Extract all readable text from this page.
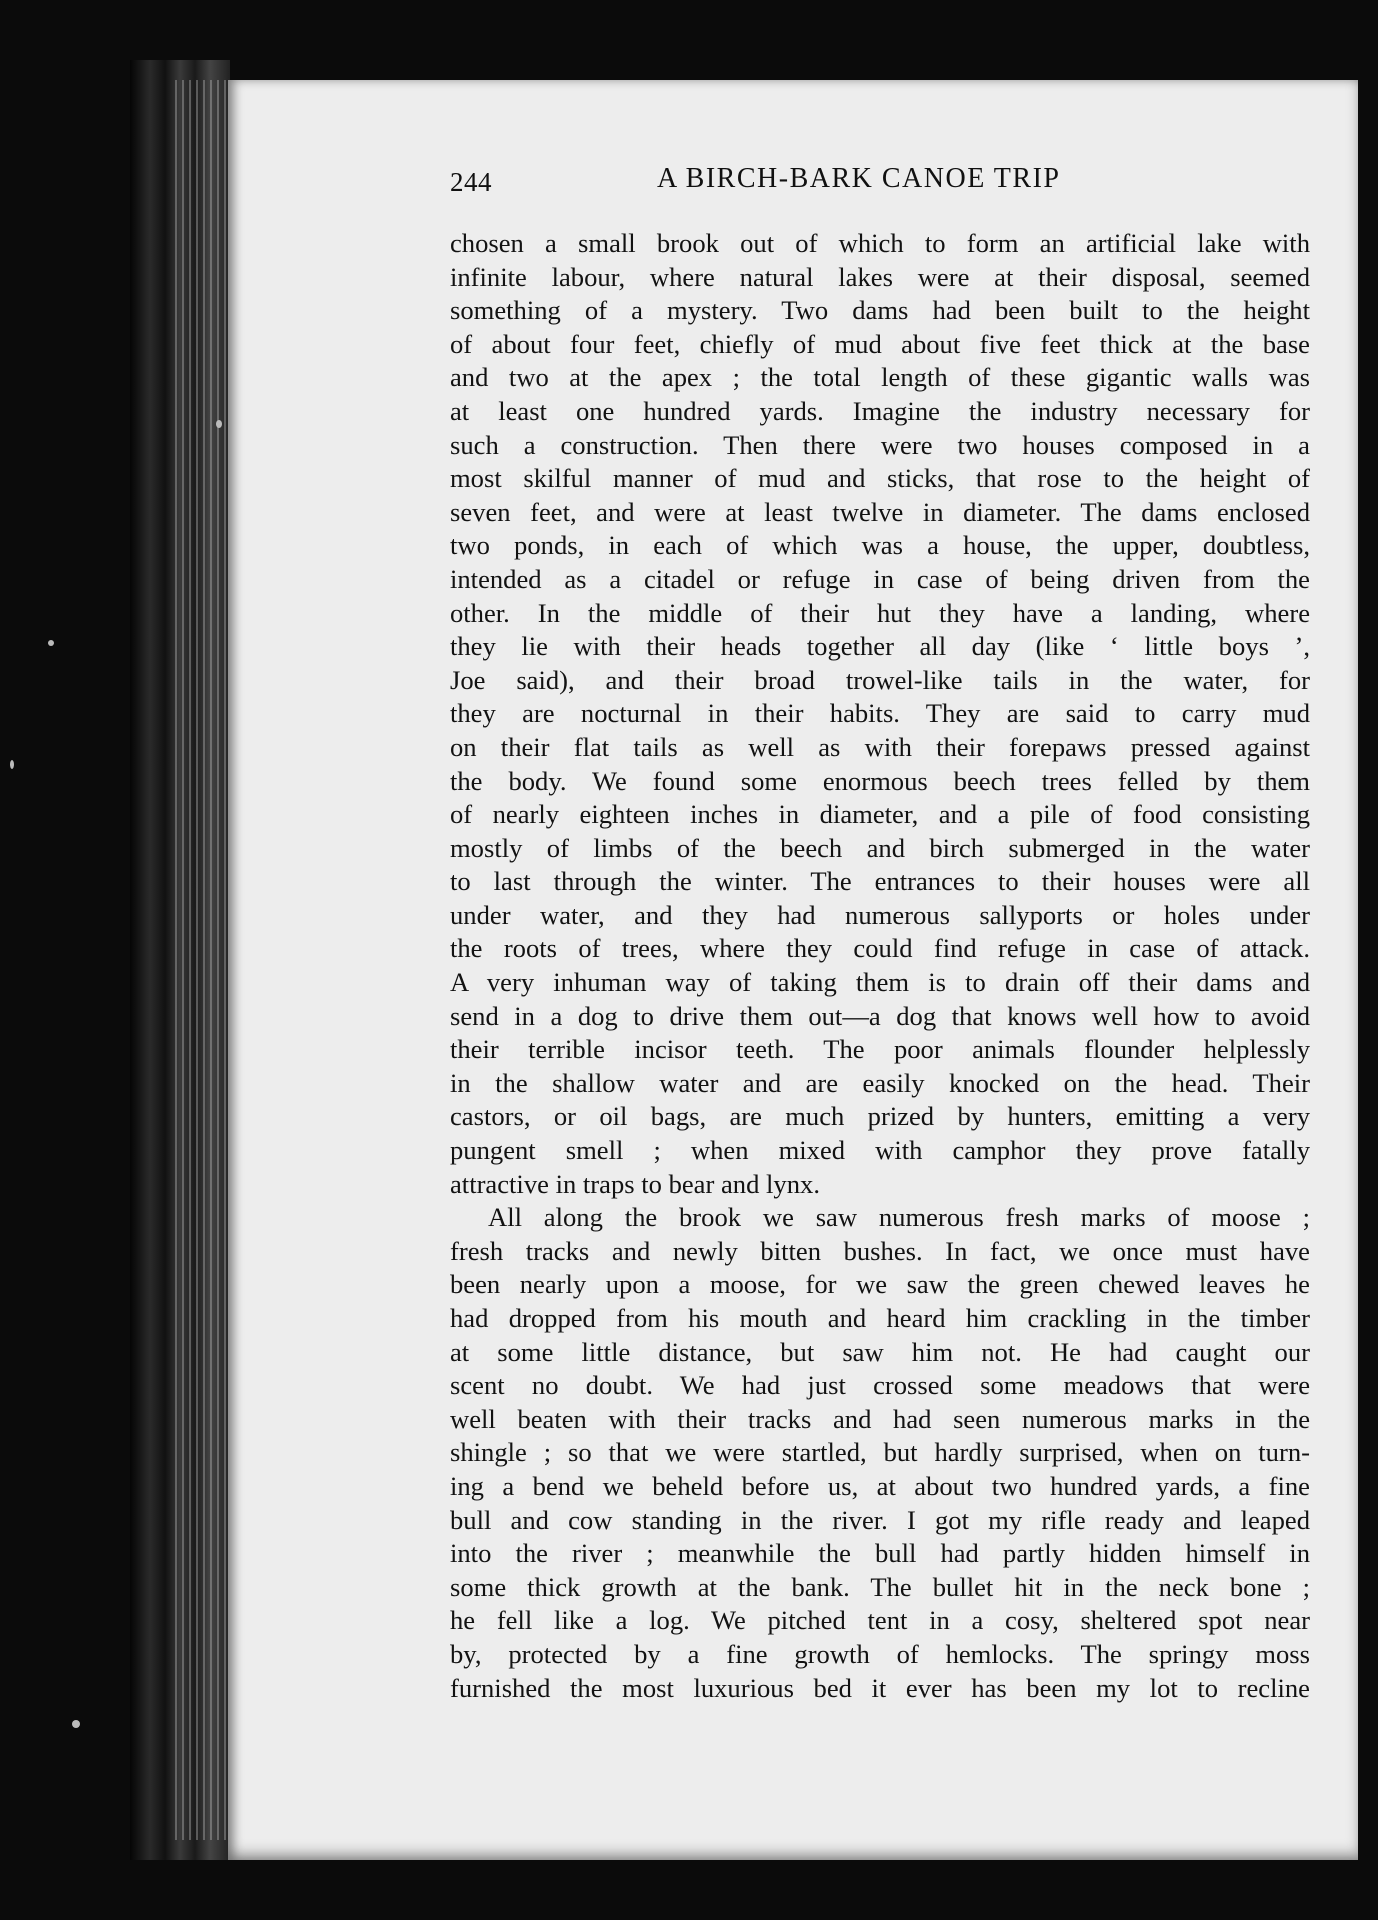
244	A BIRCH-BARK CANOE TRIP
chosen a small brook out of which to form an artificial lake with
infinite labour, where natural lakes were at their disposal, seemed
something of a mystery. Two dams had been built to the height
of about four feet, chiefly of mud about five feet thick at the base
and two at the apex ; the total length of these gigantic walls was
at least one hundred yards. Imagine the industry necessary for
such a construction. Then there were two houses composed in a
most skilful manner of mud and sticks, that rose to the height of
seven feet, and were at least twelve in diameter. The dams enclosed
two ponds, in each of which was a house, the upper, doubtless,
intended as a citadel or refuge in case of being driven from the
other. In the middle of their hut they have a landing, where
they lie with their heads together all day (like ‘ little boys ’,
Joe said), and their broad trowel-like tails in the water, for
they are nocturnal in their habits. They are said to carry mud
on their flat tails as well as with their forepaws pressed against
the body. We found some enormous beech trees felled by them
of nearly eighteen inches in diameter, and a pile of food consisting
mostly of limbs of the beech and birch submerged in the water
to last through the winter. The entrances to their houses were all
under water, and they had numerous sallyports or holes under
the roots of trees, where they could find refuge in case of attack.
A very inhuman way of taking them is to drain off their dams and
send in a dog to drive them out—a dog that knows well how to avoid
their terrible incisor teeth. The poor animals flounder helplessly
in the shallow water and are easily knocked on the head. Their
castors, or oil bags, are much prized by hunters, emitting a very
pungent smell ; when mixed with camphor they prove fatally
attractive in traps to bear and lynx.
All along the brook we saw numerous fresh marks of moose ;
fresh tracks and newly bitten bushes. In fact, we once must have
been nearly upon a moose, for we saw the green chewed leaves he
had dropped from his mouth and heard him crackling in the timber
at some little distance, but saw him not. He had caught our
scent no doubt. We had just crossed some meadows that were
well beaten with their tracks and had seen numerous marks in the
shingle ; so that we were startled, but hardly surprised, when on turn-
ing a bend we beheld before us, at about two hundred yards, a fine
bull and cow standing in the river. I got my rifle ready and leaped
into the river ; meanwhile the bull had partly hidden himself in
some thick growth at the bank. The bullet hit in the neck bone ;
he fell like a log. We pitched tent in a cosy, sheltered spot near
by, protected by a fine growth of hemlocks. The springy moss
furnished the most luxurious bed it ever has been my lot to recline
